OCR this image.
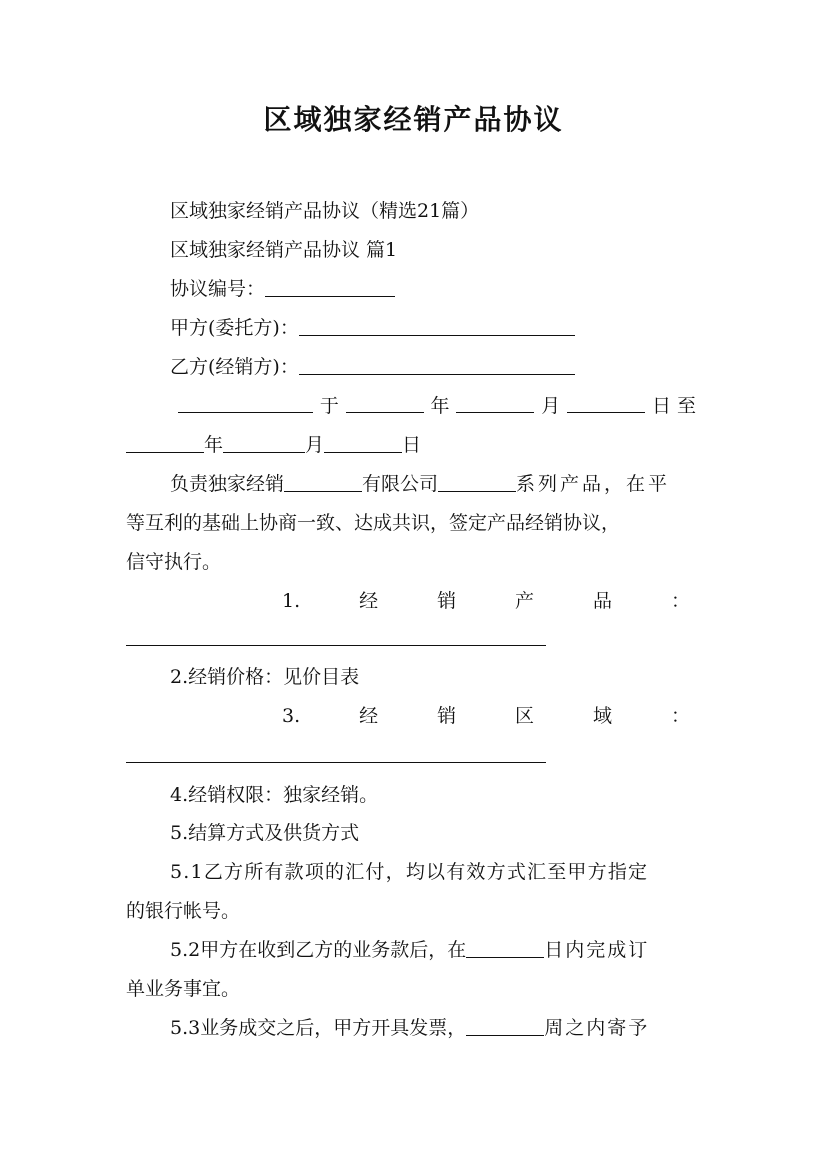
区域独家经销产品协议
区域独家经销产品协议（精选21篇）
区域独家经销产品协议 篇1
协议编号：
甲方(委托方)：
乙方(经销方)：
于	年	月	日至
年	月	日
负责独家经销	有限公司	系列产品，在平
等互利的基础上协商一致、达成共识，签定产品经销协议，
信守执行。
1.	经	销	产	品	：
2.经销价格：见价目表
3.	经	销	区	域	：
4.经销权限：独家经销。
5.结算方式及供货方式
5.1乙方所有款项的汇付，均以有效方式汇至甲方指定
的银行帐号。
5.2甲方在收到乙方的业务款后，在	日内完成订
单业务事宜。
5.3业务成交之后，甲方开具发票，	周之内寄予
